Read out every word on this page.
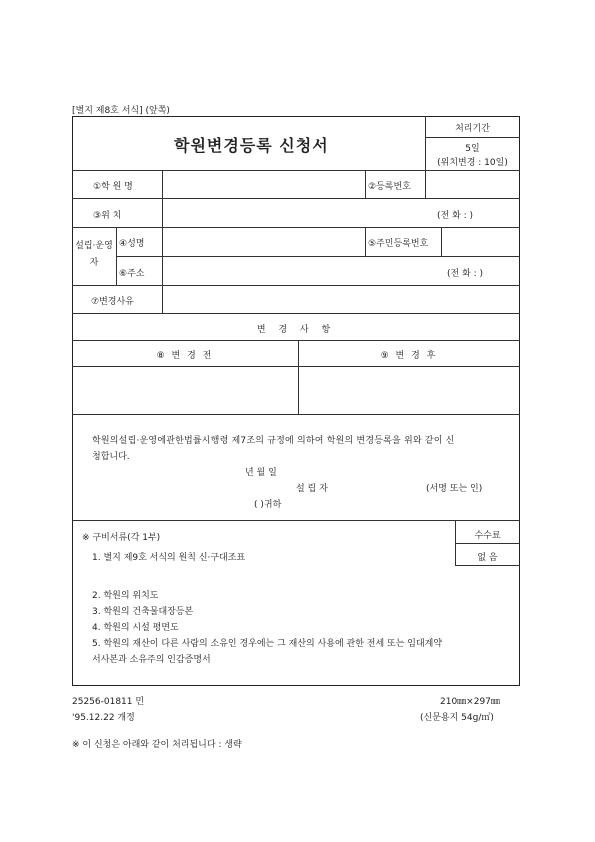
[별지 제8호 서식] (앞쪽)
학원변경등록 신청서
처리기간
5일
(위치변경 : 10일)
①학 원 명	②등록번호
③위 치	(전 화 : )
설립·운영자
④성명	⑤주민등록번호
⑥주소	(전 화 : )
⑦변경사유
변 경 사 항
⑧ 변 경 전	⑨ 변 경 후
학원의설립·운영에관한법률시행령 제7조의 규정에 의하여 학원의 변경등록을 위와 같이 신
청합니다.
년 월 일
설 립 자	(서명 또는 인)
( )귀하
※ 구비서류(각 1부)
1. 별지 제9호 서식의 원칙 신·구대조표
2. 학원의 위치도
3. 학원의 건축물대장등본
4. 학원의 시설 평면도
5. 학원의 재산이 다른 사람의 소유인 경우에는 그 재산의 사용에 관한 전세 또는 임대계약
서사본과 소유주의 인감증명서
수수료
없 음
25256-01811 민
'95.12.22 개정
210㎜×297㎜
(신문용지 54g/㎡)
※ 이 신청은 아래와 같이 처리됩니다 : 생략
